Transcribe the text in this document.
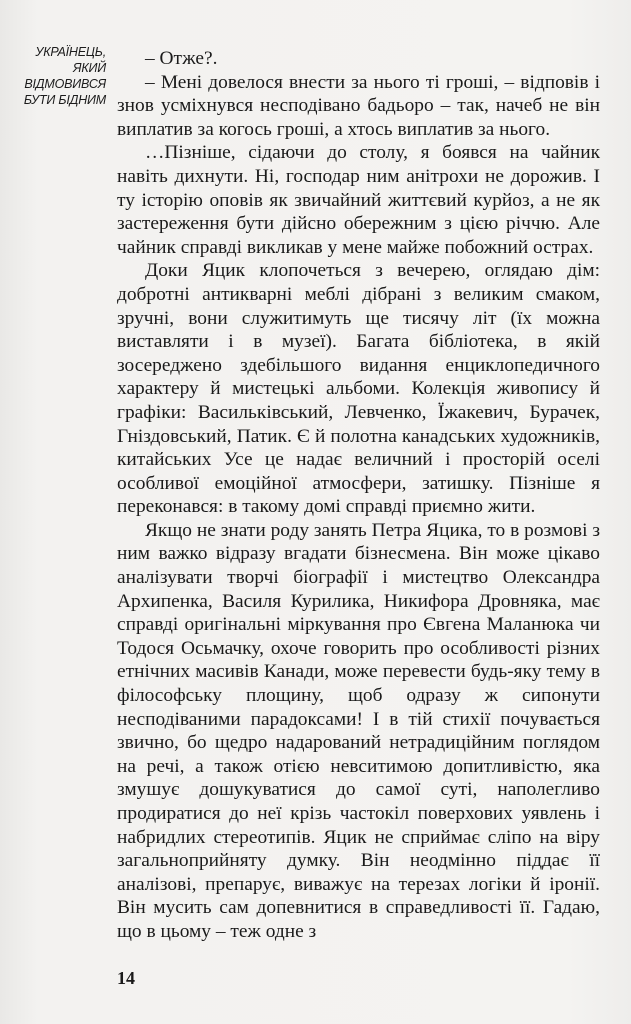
УКРАЇНЕЦЬ,
ЯКИЙ
ВІДМОВИВСЯ
БУТИ БІДНИМ

– Отже?.

– Мені довелося внести за нього ті гроші, – відповів і знов усміхнувся несподівано бадьоро – так, начеб не він виплатив за когось гроші, а хтось виплатив за нього.

…Пізніше, сідаючи до столу, я боявся на чайник навіть дихнути. Ні, господар ним анітрохи не дорожив. І ту історію оповів як звичайний життєвий курйоз, а не як застереження бути дійсно обережним з цією річчю. Але чайник справді викликав у мене майже побожний острах.

Доки Яцик клопочеться з вечерею, оглядаю дім: добротні антикварні меблі дібрані з великим смаком, зручні, вони служитимуть ще тисячу літ (їх можна виставляти і в музеї). Багата бібліотека, в якій зосереджено здебільшого видання енциклопедичного характеру й мистецькі альбоми. Колекція живопису й графіки: Васильківський, Левченко, Їжакевич, Бурачек, Гніздовський, Патик. Є й полотна канадських художників, китайських Усе це надає величний і просторій оселі особливої емоційної атмосфери, затишку. Пізніше я переконався: в такому домі справді приємно жити.

Якщо не знати роду занять Петра Яцика, то в розмові з ним важко відразу вгадати бізнесмена. Він може цікаво аналізувати творчі біографії і мистецтво Олександра Архипенка, Василя Курилика, Никифора Дровняка, має справді оригінальні міркування про Євгена Маланюка чи Тодося Осьмачку, охоче говорить про особливості різних етнічних масивів Канади, може перевести будь-яку тему в філософську площину, щоб одразу ж сипонути несподіваними парадоксами! І в тій стихії почувається звично, бо щедро надарований нетрадиційним поглядом на речі, а також отією невситимою допитливістю, яка змушує дошукуватися до самої суті, наполегливо продиратися до неї крізь частокіл поверхових уявлень і набридлих стереотипів. Яцик не сприймає сліпо на віру загальноприйняту думку. Він неодмінно піддає її аналізові, препарує, виважує на терезах логіки й іронії. Він мусить сам допевнитися в справедливості її. Гадаю, що в цьому – теж одне з

14
